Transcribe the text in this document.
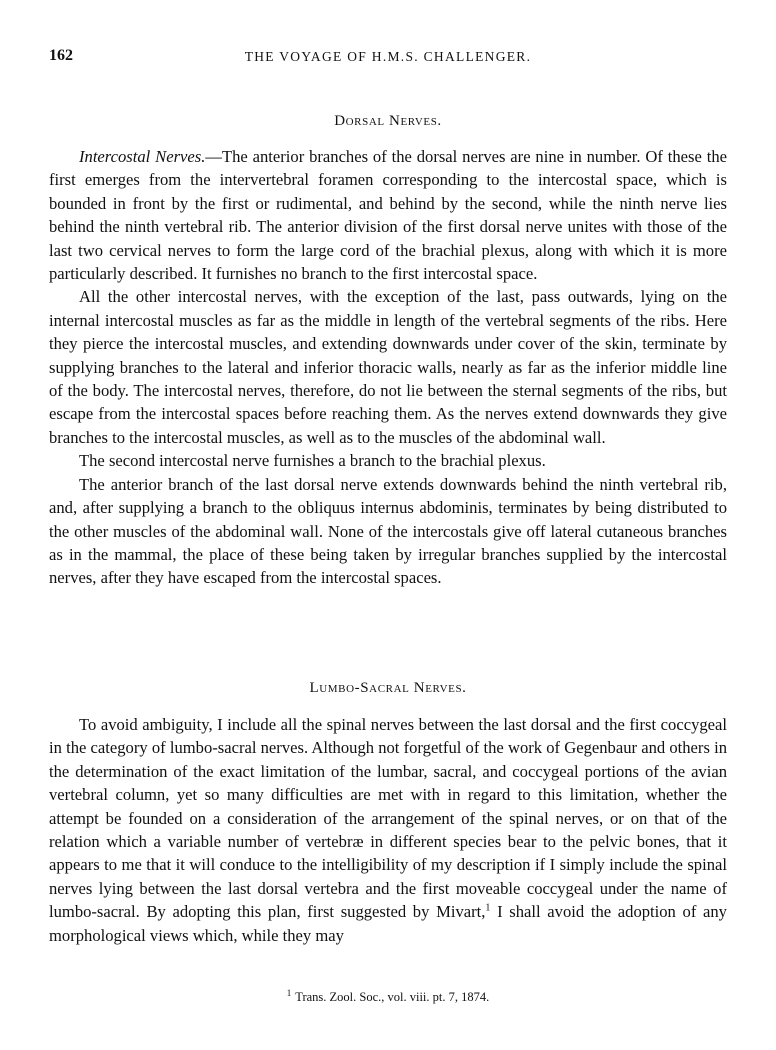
162	THE VOYAGE OF H.M.S. CHALLENGER.
Dorsal Nerves.

Intercostal Nerves.—The anterior branches of the dorsal nerves are nine in number. Of these the first emerges from the intervertebral foramen corresponding to the intercostal space, which is bounded in front by the first or rudimental, and behind by the second, while the ninth nerve lies behind the ninth vertebral rib. The anterior division of the first dorsal nerve unites with those of the last two cervical nerves to form the large cord of the brachial plexus, along with which it is more particularly described. It furnishes no branch to the first intercostal space.

All the other intercostal nerves, with the exception of the last, pass outwards, lying on the internal intercostal muscles as far as the middle in length of the vertebral segments of the ribs. Here they pierce the intercostal muscles, and extending downwards under cover of the skin, terminate by supplying branches to the lateral and inferior thoracic walls, nearly as far as the inferior middle line of the body. The intercostal nerves, therefore, do not lie between the sternal segments of the ribs, but escape from the intercostal spaces before reaching them. As the nerves extend downwards they give branches to the intercostal muscles, as well as to the muscles of the abdominal wall.

The second intercostal nerve furnishes a branch to the brachial plexus.

The anterior branch of the last dorsal nerve extends downwards behind the ninth vertebral rib, and, after supplying a branch to the obliquus internus abdominis, terminates by being distributed to the other muscles of the abdominal wall. None of the intercostals give off lateral cutaneous branches as in the mammal, the place of these being taken by irregular branches supplied by the intercostal nerves, after they have escaped from the intercostal spaces.

Lumbo-Sacral Nerves.

To avoid ambiguity, I include all the spinal nerves between the last dorsal and the first coccygeal in the category of lumbo-sacral nerves. Although not forgetful of the work of Gegenbaur and others in the determination of the exact limitation of the lumbar, sacral, and coccygeal portions of the avian vertebral column, yet so many difficulties are met with in regard to this limitation, whether the attempt be founded on a consideration of the arrangement of the spinal nerves, or on that of the relation which a variable number of vertebræ in different species bear to the pelvic bones, that it appears to me that it will conduce to the intelligibility of my description if I simply include the spinal nerves lying between the last dorsal vertebra and the first moveable coccygeal under the name of lumbo-sacral. By adopting this plan, first suggested by Mivart,$^1$ I shall avoid the adoption of any morphological views which, while they may

$^1$ Trans. Zool. Soc., vol. viii. pt. 7, 1874.
